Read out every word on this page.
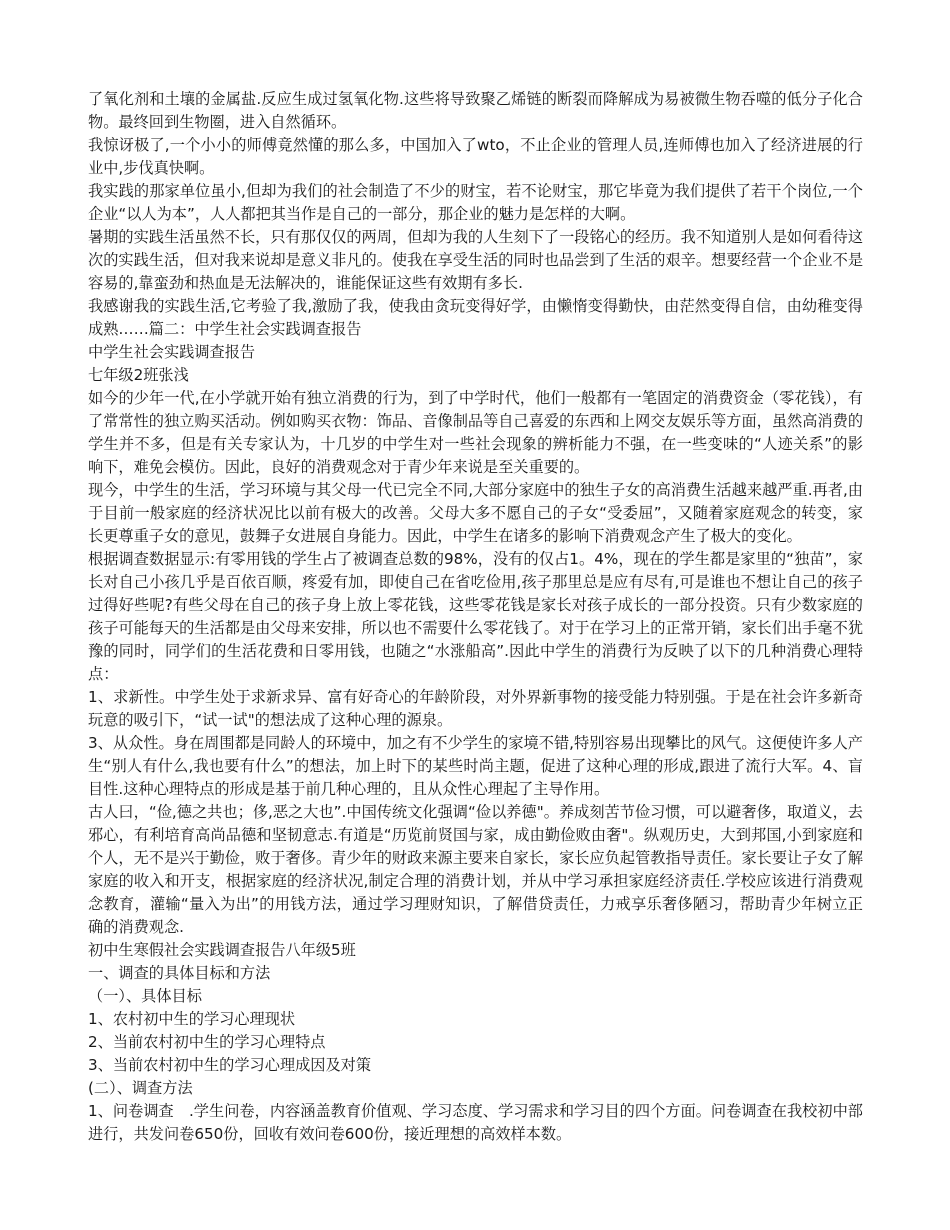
了氧化剂和土壤的金属盐.反应生成过氢氧化物.这些将导致聚乙烯链的断裂而降解成为易被微生物吞噬的低分子化合物。最终回到生物圈，进入自然循环。

我惊讶极了,一个小小的师傅竟然懂的那么多，中国加入了wto，不止企业的管理人员,连师傅也加入了经济进展的行业中,步伐真快啊。

我实践的那家单位虽小,但却为我们的社会制造了不少的财宝，若不论财宝，那它毕竟为我们提供了若干个岗位,一个企业“以人为本”，人人都把其当作是自己的一部分，那企业的魅力是怎样的大啊。

暑期的实践生活虽然不长，只有那仅仅的两周，但却为我的人生刻下了一段铭心的经历。我不知道别人是如何看待这次的实践生活，但对我来说却是意义非凡的。使我在享受生活的同时也品尝到了生活的艰辛。想要经营一个企业不是容易的,靠蛮劲和热血是无法解决的，谁能保证这些有效期有多长.

我感谢我的实践生活,它考验了我,激励了我，使我由贪玩变得好学，由懒惰变得勤快，由茫然变得自信，由幼稚变得成熟……篇二：中学生社会实践调查报告

中学生社会实践调查报告

七年级2班张浅

如今的少年一代,在小学就开始有独立消费的行为，到了中学时代，他们一般都有一笔固定的消费资金（零花钱），有了常常性的独立购买活动。例如购买衣物：饰品、音像制品等自己喜爱的东西和上网交友娱乐等方面，虽然高消费的学生并不多，但是有关专家认为，十几岁的中学生对一些社会现象的辨析能力不强，在一些变味的“人迹关系”的影响下，难免会模仿。因此，良好的消费观念对于青少年来说是至关重要的。

现今，中学生的生活，学习环境与其父母一代已完全不同,大部分家庭中的独生子女的高消费生活越来越严重.再者,由于目前一般家庭的经济状况比以前有极大的改善。父母大多不愿自己的子女“受委屈”，又随着家庭观念的转变，家长更尊重子女的意见，鼓舞子女进展自身能力。因此，中学生在诸多的影响下消费观念产生了极大的变化。

根据调查数据显示:有零用钱的学生占了被调查总数的98%，没有的仅占1。4%，现在的学生都是家里的“独苗”，家长对自己小孩几乎是百依百顺，疼爱有加，即使自己在省吃俭用,孩子那里总是应有尽有,可是谁也不想让自己的孩子过得好些呢?有些父母在自己的孩子身上放上零花钱，这些零花钱是家长对孩子成长的一部分投资。只有少数家庭的孩子可能每天的生活都是由父母来安排，所以也不需要什么零花钱了。对于在学习上的正常开销，家长们出手毫不犹豫的同时，同学们的生活花费和日零用钱，也随之“水涨船高”.因此中学生的消费行为反映了以下的几种消费心理特点：

1、求新性。中学生处于求新求异、富有好奇心的年龄阶段，对外界新事物的接受能力特别强。于是在社会许多新奇玩意的吸引下，“试一试"的想法成了这种心理的源泉。

3、从众性。身在周围都是同龄人的环境中，加之有不少学生的家境不错,特别容易出现攀比的风气。这便使许多人产生“别人有什么,我也要有什么”的想法，加上时下的某些时尚主题，促进了这种心理的形成,跟进了流行大军。4、盲目性.这种心理特点的形成是基于前几种心理的，且从众性心理起了主导作用。

古人曰，“俭,德之共也；侈,恶之大也”.中国传统文化强调“俭以养德"。养成刻苦节俭习惯，可以避奢侈，取道义，去邪心，有利培育高尚品德和坚韧意志.有道是“历览前贤国与家，成由勤俭败由奢"。纵观历史，大到邦国,小到家庭和个人，无不是兴于勤俭，败于奢侈。青少年的财政来源主要来自家长，家长应负起管教指导责任。家长要让子女了解家庭的收入和开支，根据家庭的经济状况,制定合理的消费计划，并从中学习承担家庭经济责任.学校应该进行消费观念教育，灌输“量入为出”的用钱方法，通过学习理财知识，了解借贷责任，力戒享乐奢侈陋习，帮助青少年树立正确的消费观念.

初中生寒假社会实践调查报告八年级5班

一、调查的具体目标和方法

（一）、具体目标

1、农村初中生的学习心理现状

2、当前农村初中生的学习心理特点

3、当前农村初中生的学习心理成因及对策

(二）、调查方法

1、问卷调查　.学生问卷，内容涵盖教育价值观、学习态度、学习需求和学习目的四个方面。问卷调查在我校初中部进行，共发问卷650份，回收有效问卷600份，接近理想的高效样本数。
